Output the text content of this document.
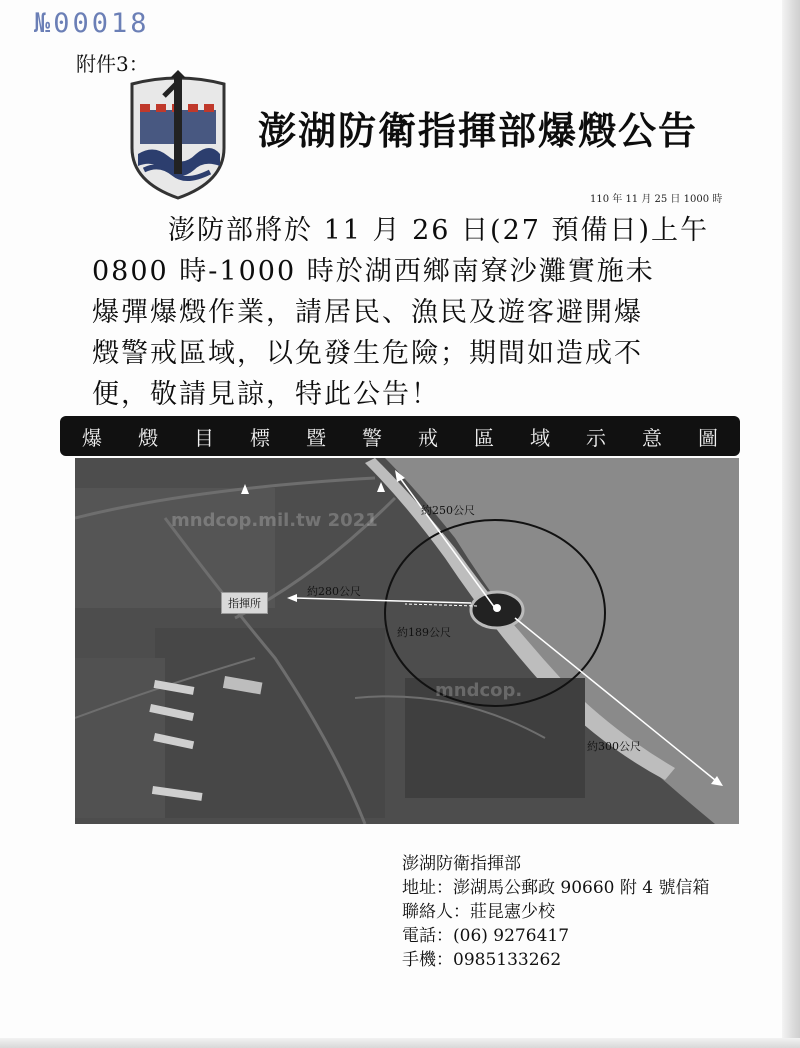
№00018
附件3：
澎湖防衛指揮部爆燬公告
110 年 11 月 25 日 1000 時
澎防部將於 11 月 26 日(27 預備日)上午
0800 時-1000 時於湖西鄉南寮沙灘實施未
爆彈爆燬作業，請居民、漁民及遊客避開爆
燬警戒區域，以免發生危險；期間如造成不
便，敬請見諒，特此公告！
爆 燬 目 標 暨 警 戒 區 域 示 意 圖
mndcop.mil.tw 2021
mndcop.
指揮所
約280公尺
約250公尺
約189公尺
約300公尺
澎湖防衛指揮部
地址：澎湖馬公郵政 90660 附 4 號信箱
聯絡人：莊昆憲少校
電話：(06) 9276417
手機：0985133262
